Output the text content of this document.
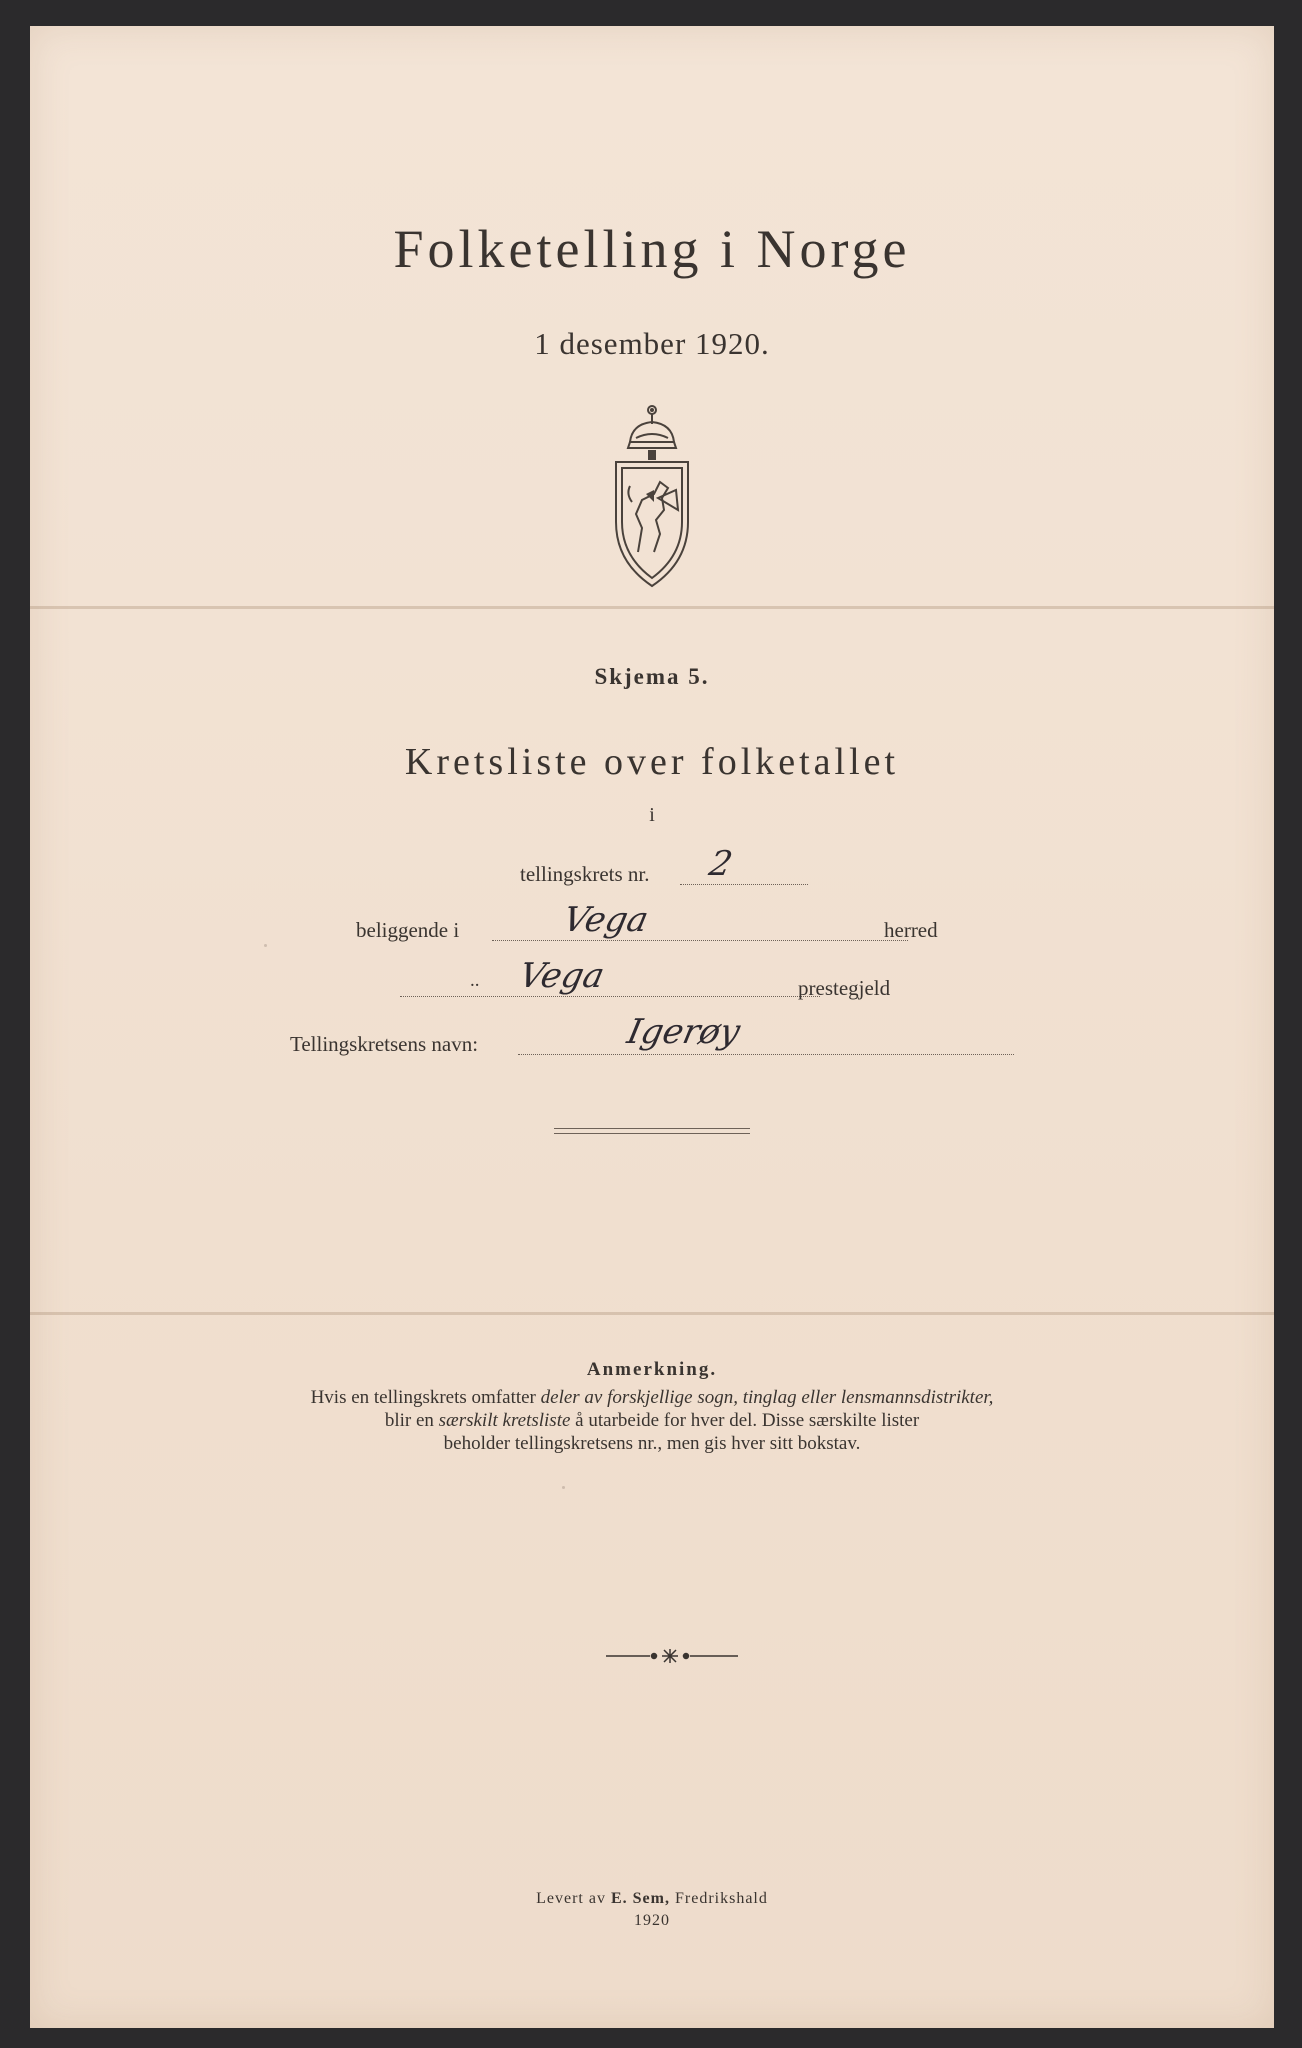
Folketelling i Norge
1 desember 1920.
Skjema 5.
Kretsliste over folketallet
i
tellingskrets nr. 2
beliggende i	Vega	herred
.. Vega	prestegjeld
Tellingskretsens navn:	Igerøy
Anmerkning.
Hvis en tellingskrets omfatter deler av forskjellige sogn, tinglag eller lensmannsdistrikter,
blir en særskilt kretsliste å utarbeide for hver del. Disse særskilte lister
beholder tellingskretsens nr., men gis hver sitt bokstav.
Levert av E. Sem, Fredrikshald
1920
